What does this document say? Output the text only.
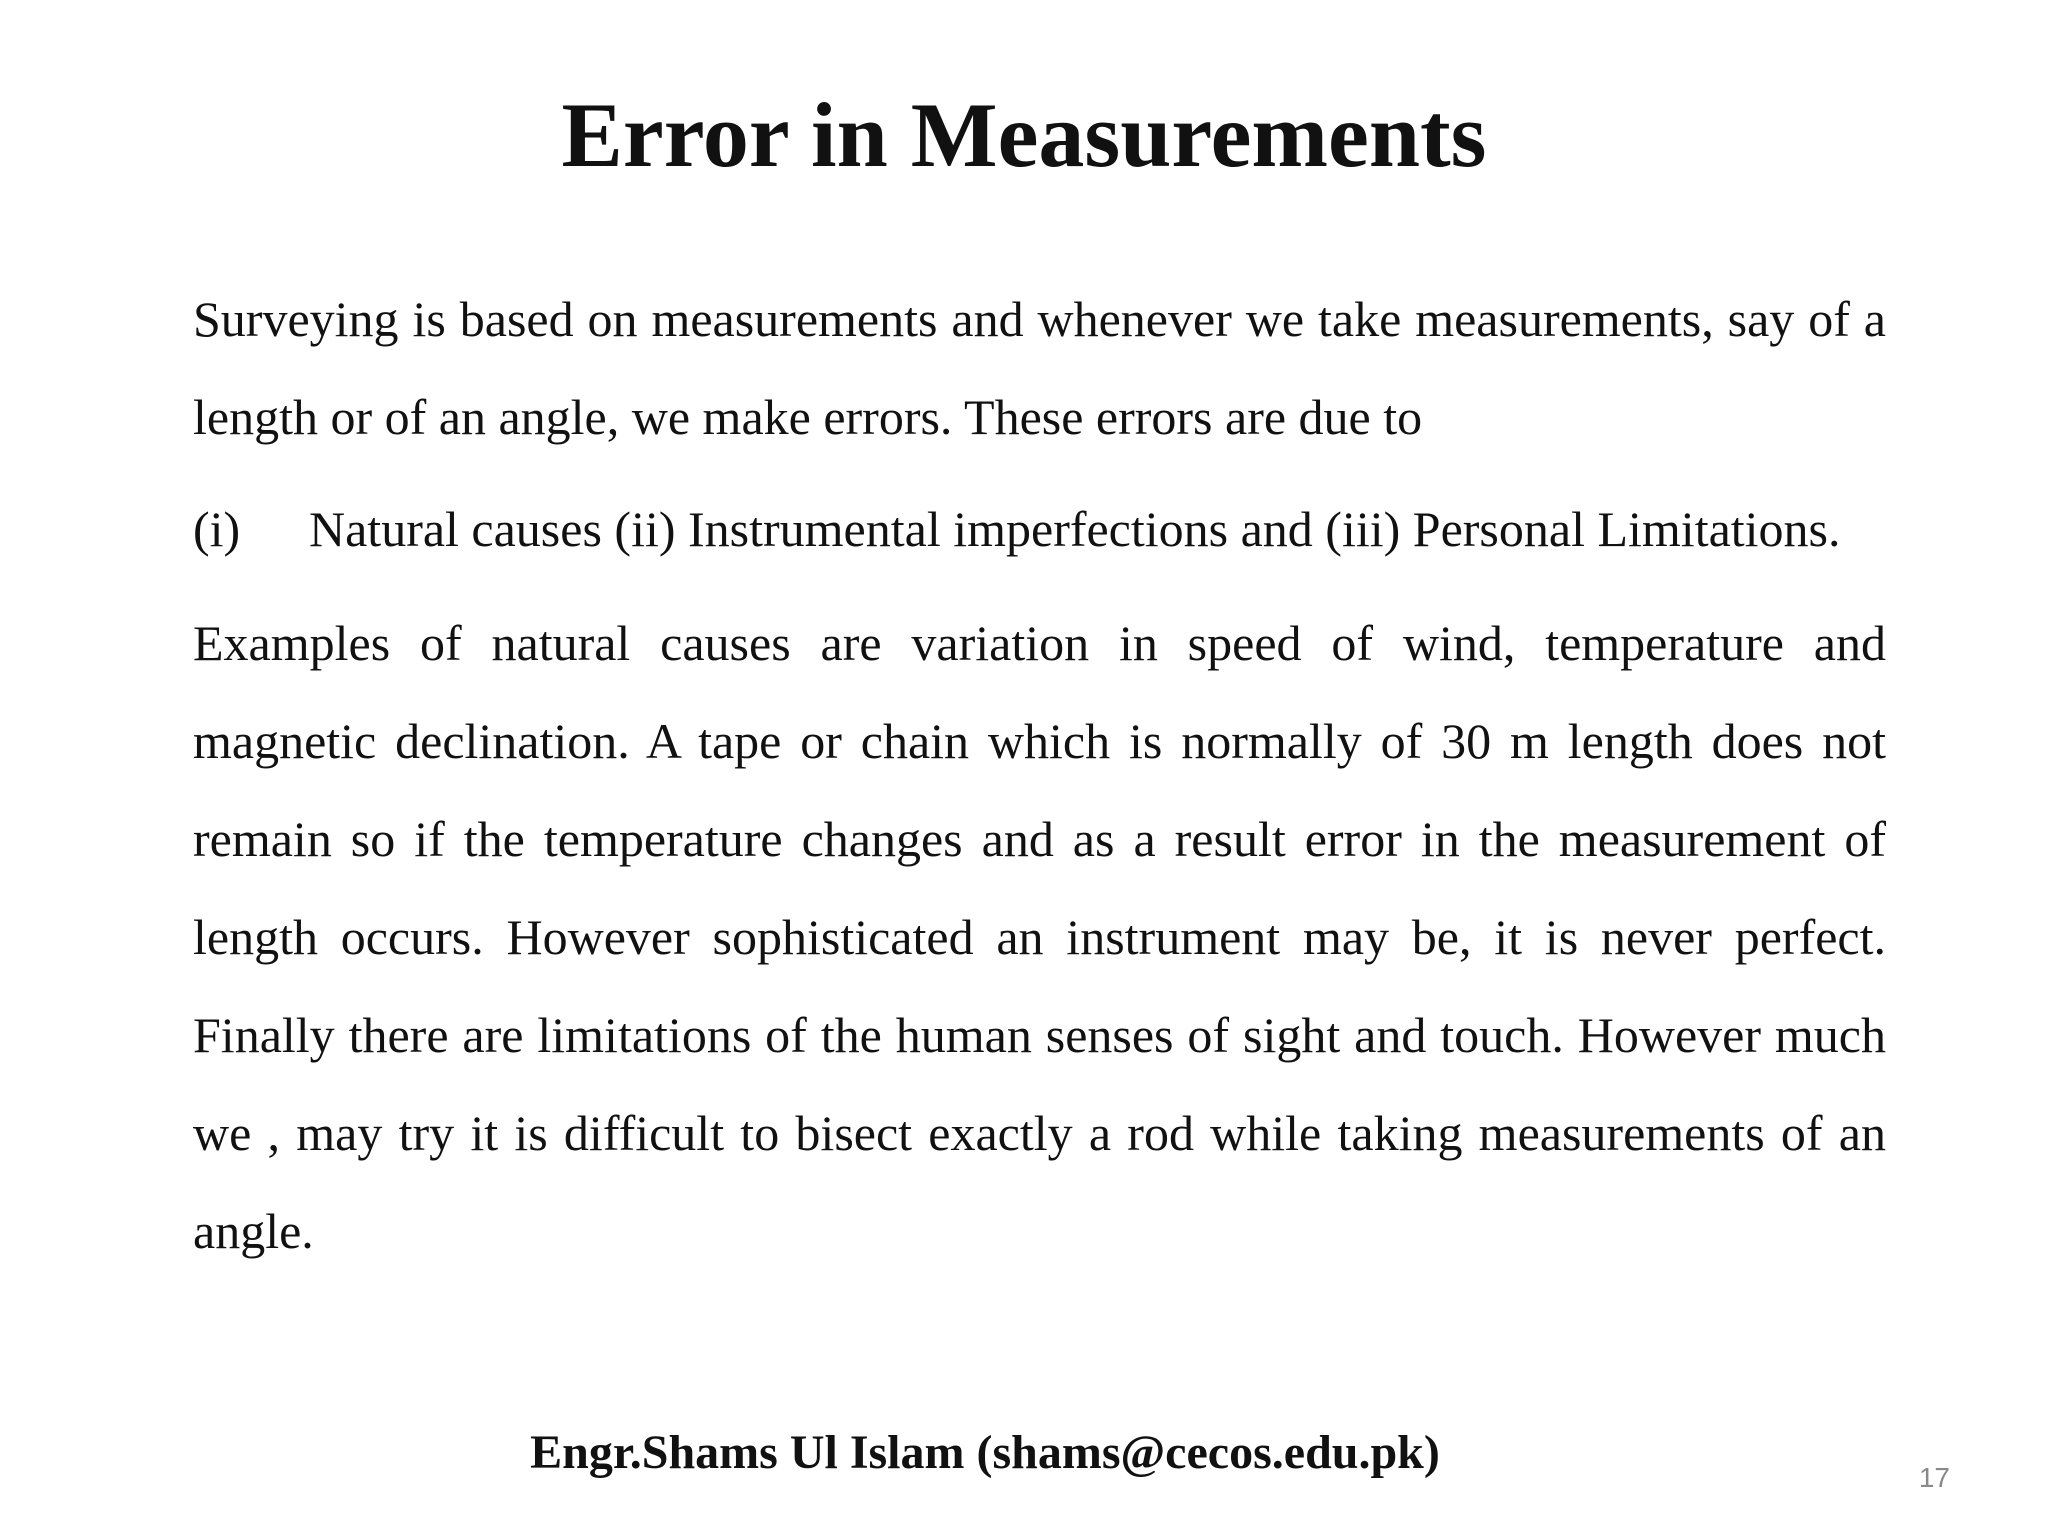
Error in Measurements

Surveying is based on measurements and whenever we take measurements, say of a length or of an angle, we make errors. These errors are due to

(i)	Natural causes (ii) Instrumental imperfections and (iii) Personal Limitations.

Examples of natural causes are variation in speed of wind, temperature and magnetic declination. A tape or chain which is normally of 30 m length does not remain so if the temperature changes and as a result error in the measurement of length occurs. However sophisticated an instrument may be, it is never perfect. Finally there are limitations of the human senses of sight and touch. However much we , may try it is difficult to bisect exactly a rod while taking measurements of an angle.

Engr.Shams Ul Islam (shams@cecos.edu.pk)	17
